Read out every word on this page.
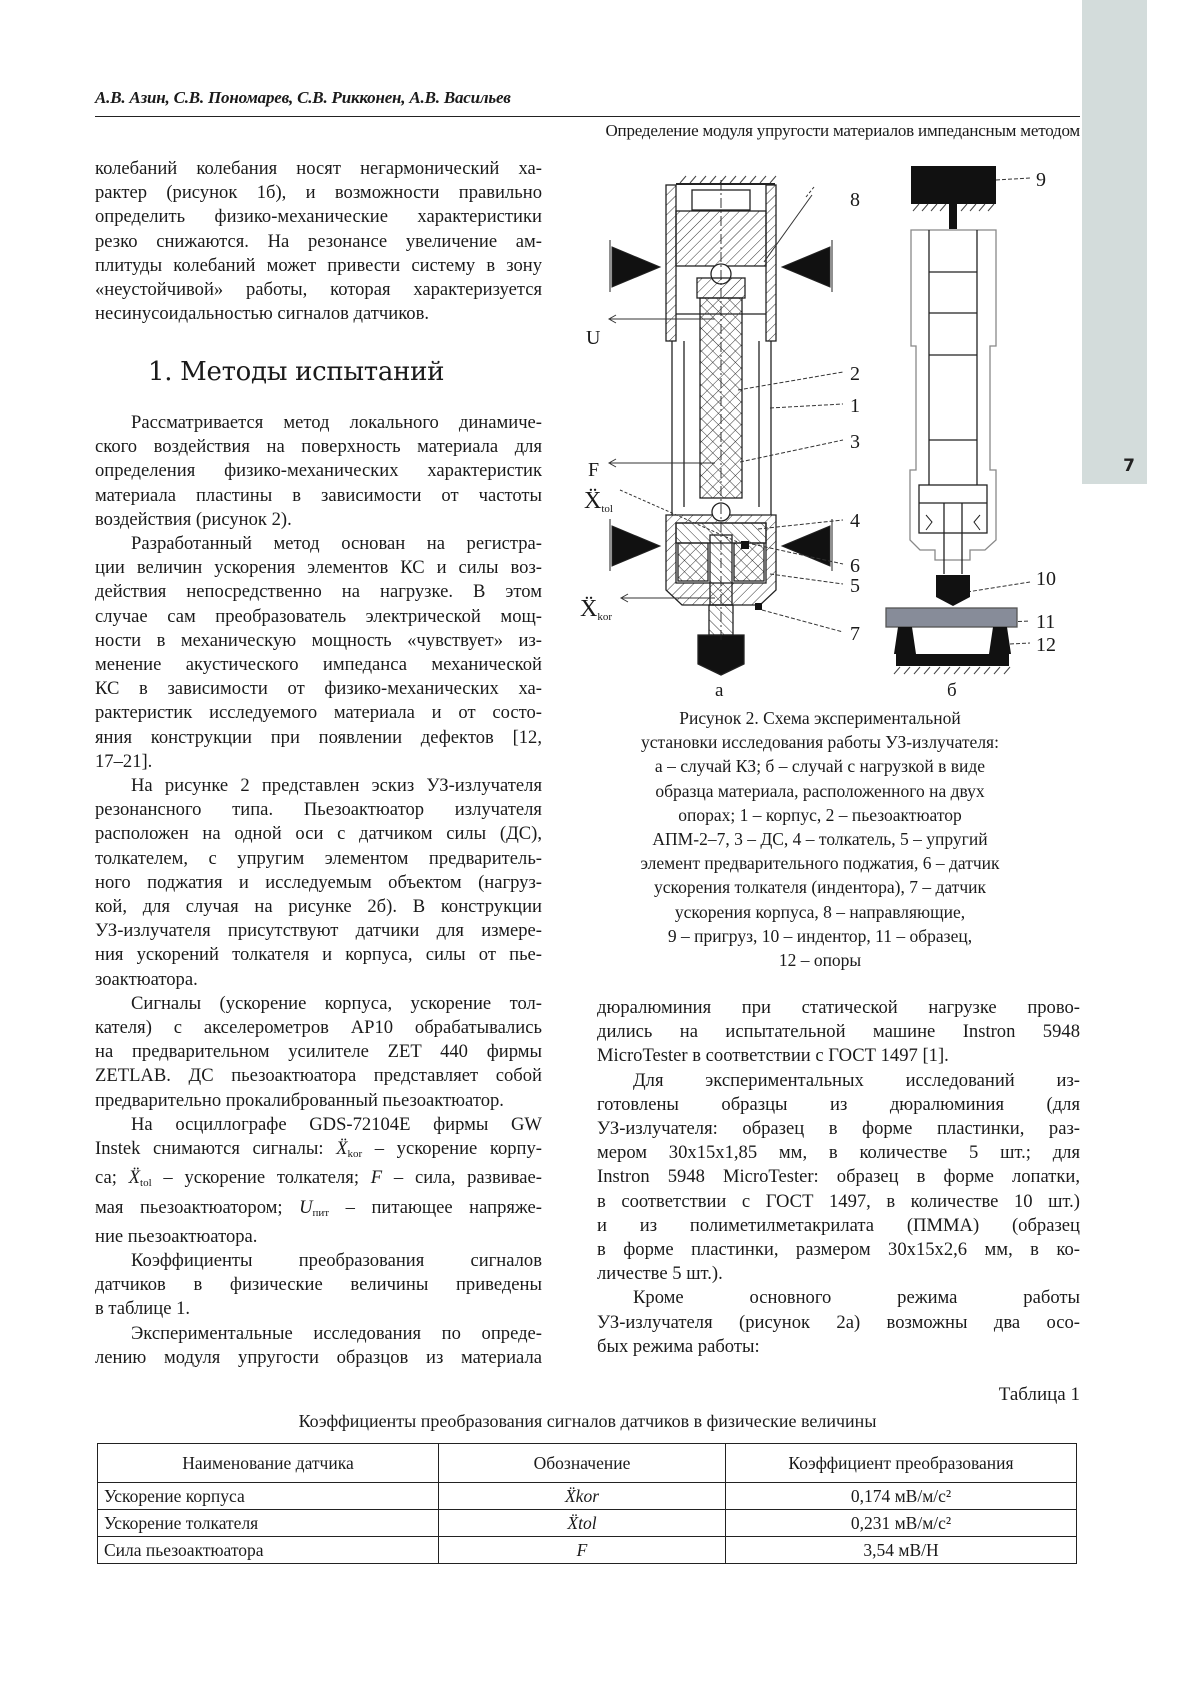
7
А.В. Азин, С.В. Пономарев, С.В. Рикконен, А.В. Васильев
Определение модуля упругости материалов импедансным методом
колебаний колебания носят негармонический ха-
рактер (рисунок 1б), и возможности правильно
определить физико-механические характеристики
резко снижаются. На резонансе увеличение ам-
плитуды колебаний может привести систему в зону
«неустойчивой» работы, которая характеризуется
несинусоидальностью сигналов датчиков.
1. Методы испытаний
Рассматривается метод локального динамиче-
ского воздействия на поверхность материала для
определения физико-механических характеристик
материала пластины в зависимости от частоты
воздействия (рисунок 2).
Разработанный метод основан на регистра-
ции величин ускорения элементов КС и силы воз-
действия непосредственно на нагрузке. В этом
случае сам преобразователь электрической мощ-
ности в механическую мощность «чувствует» из-
менение акустического импеданса механической
КС в зависимости от физико-механических ха-
рактеристик исследуемого материала и от состо-
яния конструкции при появлении дефектов [12,
17–21].
На рисунке 2 представлен эскиз УЗ-излучателя
резонансного типа. Пьезоактюатор излучателя
расположен на одной оси с датчиком силы (ДС),
толкателем, с упругим элементом предваритель-
ного поджатия и исследуемым объектом (нагруз-
кой, для случая на рисунке 2б). В конструкции
УЗ-излучателя присутствуют датчики для измере-
ния ускорений толкателя и корпуса, силы от пье-
зоактюатора.
Сигналы (ускорение корпуса, ускорение тол-
кателя) с акселерометров AP10 обрабатывались
на предварительном усилителе ZET 440 фирмы
ZETLAB. ДС пьезоактюатора представляет собой
предварительно прокалиброванный пьезоактюатор.
На осциллографе GDS-72104E фирмы GW
Instek снимаются сигналы: Ẍ$_{kor}$ – ускорение корпу-
са; Ẍ$_{tol}$ – ускорение толкателя; F – сила, развивае-
мая пьезоактюатором; $U_{пит}$ – питающее напряже-
ние пьезоактюатора.
Коэффициенты преобразования сигналов
датчиков в физические величины приведены
в таблице 1.
Экспериментальные исследования по опреде-
лению модуля упругости образцов из материала
U
F
Ẍtol
Ẍkor
2
1
3
4
6
5
7
8
9
10
11
12
а	б
Рисунок 2. Схема экспериментальной
установки исследования работы УЗ-излучателя:
а – случай КЗ; б – случай с нагрузкой в виде
образца материала, расположенного на двух
опорах; 1 – корпус, 2 – пьезоактюатор
АПМ-2–7, 3 – ДС, 4 – толкатель, 5 – упругий
элемент предварительного поджатия, 6 – датчик
ускорения толкателя (индентора), 7 – датчик
ускорения корпуса, 8 – направляющие,
9 – пригруз, 10 – индентор, 11 – образец,
12 – опоры
дюралюминия при статической нагрузке прово-
дились на испытательной машине Instron 5948
MicroTester в соответствии с ГОСТ 1497 [1].
Для экспериментальных исследований из-
готовлены образцы из дюралюминия (для
УЗ-излучателя: образец в форме пластинки, раз-
мером 30х15х1,85 мм, в количестве 5 шт.; для
Instron 5948 MicroTester: образец в форме лопатки,
в соответствии с ГОСТ 1497, в количестве 10 шт.)
и из полиметилметакрилата (ПММА) (образец
в форме пластинки, размером 30х15х2,6 мм, в ко-
личестве 5 шт.).
Кроме основного режима работы
УЗ-излучателя (рисунок 2а) возможны два осо-
бых режима работы:
Таблица 1
Коэффициенты преобразования сигналов датчиков в физические величины
Наименование датчика	Обозначение	Коэффициент преобразования
Ускорение корпуса	Ẍkor	0,174 мВ/м/с²
Ускорение толкателя	Ẍtol	0,231 мВ/м/с²
Сила пьезоактюатора	F	3,54 мВ/Н
